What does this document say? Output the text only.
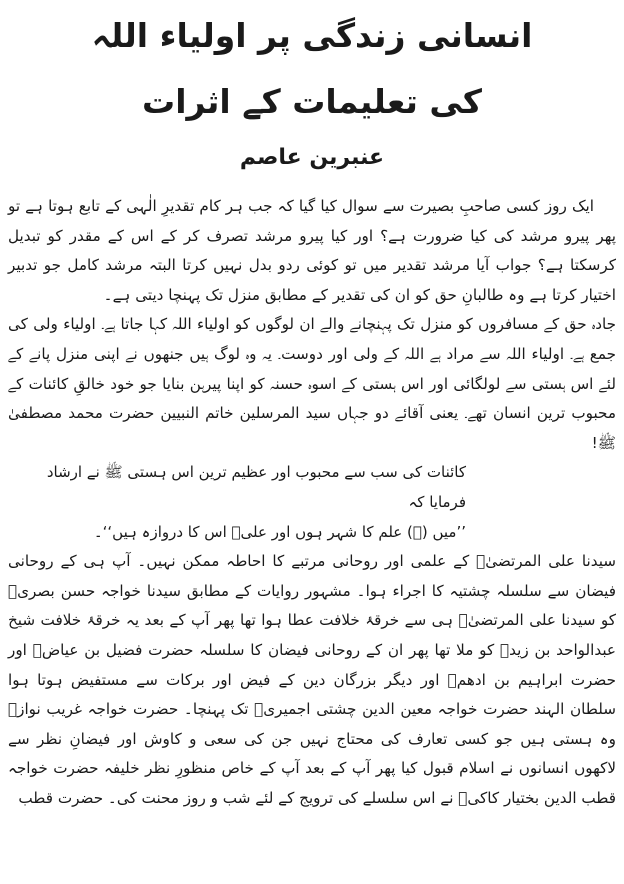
انسانی زندگی پر اولیاء اللہ
کی تعلیمات کے اثرات
عنبرین عاصم

ایک روز کسی صاحبِ بصیرت سے سوال کیا گیا کہ جب ہر کام تقدیرِ الٰہی کے تابع ہوتا ہے تو پھر پیرو مرشد کی کیا ضرورت ہے؟ اور کیا پیرو مرشد تصرف کر کے اس کے مقدر کو تبدیل کرسکتا ہے؟ جواب آیا مرشد تقدیر میں تو کوئی ردو بدل نہیں کرتا البتہ مرشد کامل جو تدبیر اختیار کرتا ہے وہ طالبانِ حق کو ان کی تقدیر کے مطابق منزل تک پہنچا دیتی ہے۔

جادہ حق کے مسافروں کو منزل تک پہنچانے والے ان لوگوں کو اولیاء اللہ کہا جاتا ہے۔ اولیاء ولی کی جمع ہے۔ اولیاء اللہ سے مراد ہے اللہ کے ولی اور دوست۔ یہ وہ لوگ ہیں جنھوں نے اپنی منزل پانے کے لئے اس ہستی سے لولگائی اور اس ہستی کے اسوہ حسنہ کو اپنا پیرہن بنایا جو خود خالقِ کائنات کے محبوب ترین انسان تھے۔ یعنی آقائے دو جہاں سید المرسلین خاتم النبیین حضرت محمد مصطفیٰ ﷺ!

کائنات کی سب سے محبوب اور عظیم ترین اس ہستی ﷺ نے ارشاد فرمایا کہ

’’میں (ﷺ) علم کا شہر ہوں اور علیؓ اس کا دروازہ ہیں‘‘۔

سیدنا علی المرتضیٰؓ کے علمی اور روحانی مرتبے کا احاطہ ممکن نہیں۔ آپ ہی کے روحانی فیضان سے سلسلہ چشتیہ کا اجراء ہوا۔ مشہور روایات کے مطابق سیدنا خواجہ حسن بصریؒ کو سیدنا علی المرتضیٰؓ ہی سے خرقۂ خلافت عطا ہوا تھا پھر آپ کے بعد یہ خرقۂ خلافت شیخ عبدالواحد بن زیدؒ کو ملا تھا پھر ان کے روحانی فیضان کا سلسلہ حضرت فضیل بن عیاضؒ اور حضرت ابراہیم بن ادھمؒ اور دیگر بزرگان دین کے فیض اور برکات سے مستفیض ہوتا ہوا سلطان الہند حضرت خواجہ معین الدین چشتی اجمیریؒ تک پہنچا۔ حضرت خواجہ غریب نوازؒ وہ ہستی ہیں جو کسی تعارف کی محتاج نہیں جن کی سعی و کاوش اور فیضانِ نظر سے لاکھوں انسانوں نے اسلام قبول کیا پھر آپ کے بعد آپ کے خاص منظورِ نظر خلیفہ حضرت خواجہ قطب الدین بختیار کاکیؒ نے اس سلسلے کی ترویج کے لئے شب و روز محنت کی۔ حضرت قطب
